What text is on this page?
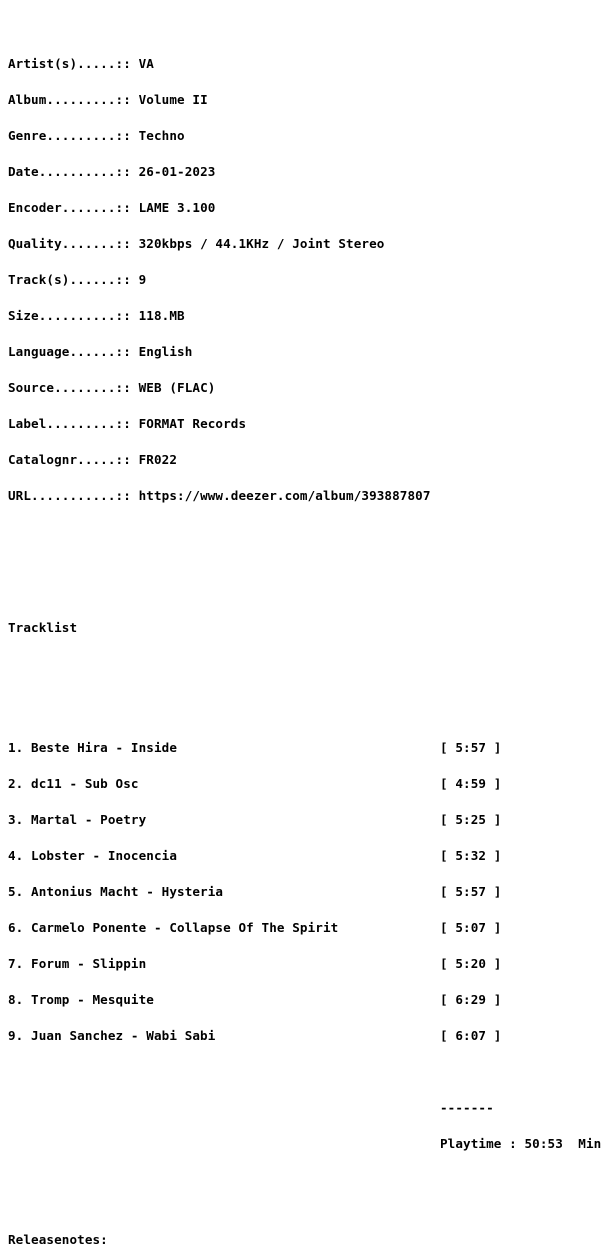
Artist(s).....:: VA

Album.........:: Volume II

Genre.........:: Techno

Date..........:: 26-01-2023

Encoder.......:: LAME 3.100

Quality.......:: 320kbps / 44.1KHz / Joint Stereo

Track(s)......:: 9

Size..........:: 118.MB

Language......:: English

Source........:: WEB (FLAC)

Label.........:: FORMAT Records

Catalognr.....:: FR022

URL...........:: https://www.deezer.com/album/393887807

Tracklist

1. Beste Hira - Inside	[ 5:57 ]

2. dc11 - Sub Osc	[ 4:59 ]

3. Martal - Poetry	[ 5:25 ]

4. Lobster - Inocencia	[ 5:32 ]

5. Antonius Macht - Hysteria	[ 5:57 ]

6. Carmelo Ponente - Collapse Of The Spirit	[ 5:07 ]

7. Forum - Slippin	[ 5:20 ]

8. Tromp - Mesquite	[ 6:29 ]

9. Juan Sanchez - Wabi Sabi	[ 6:07 ]

-------

Playtime : 50:53  Min

Releasenotes:
